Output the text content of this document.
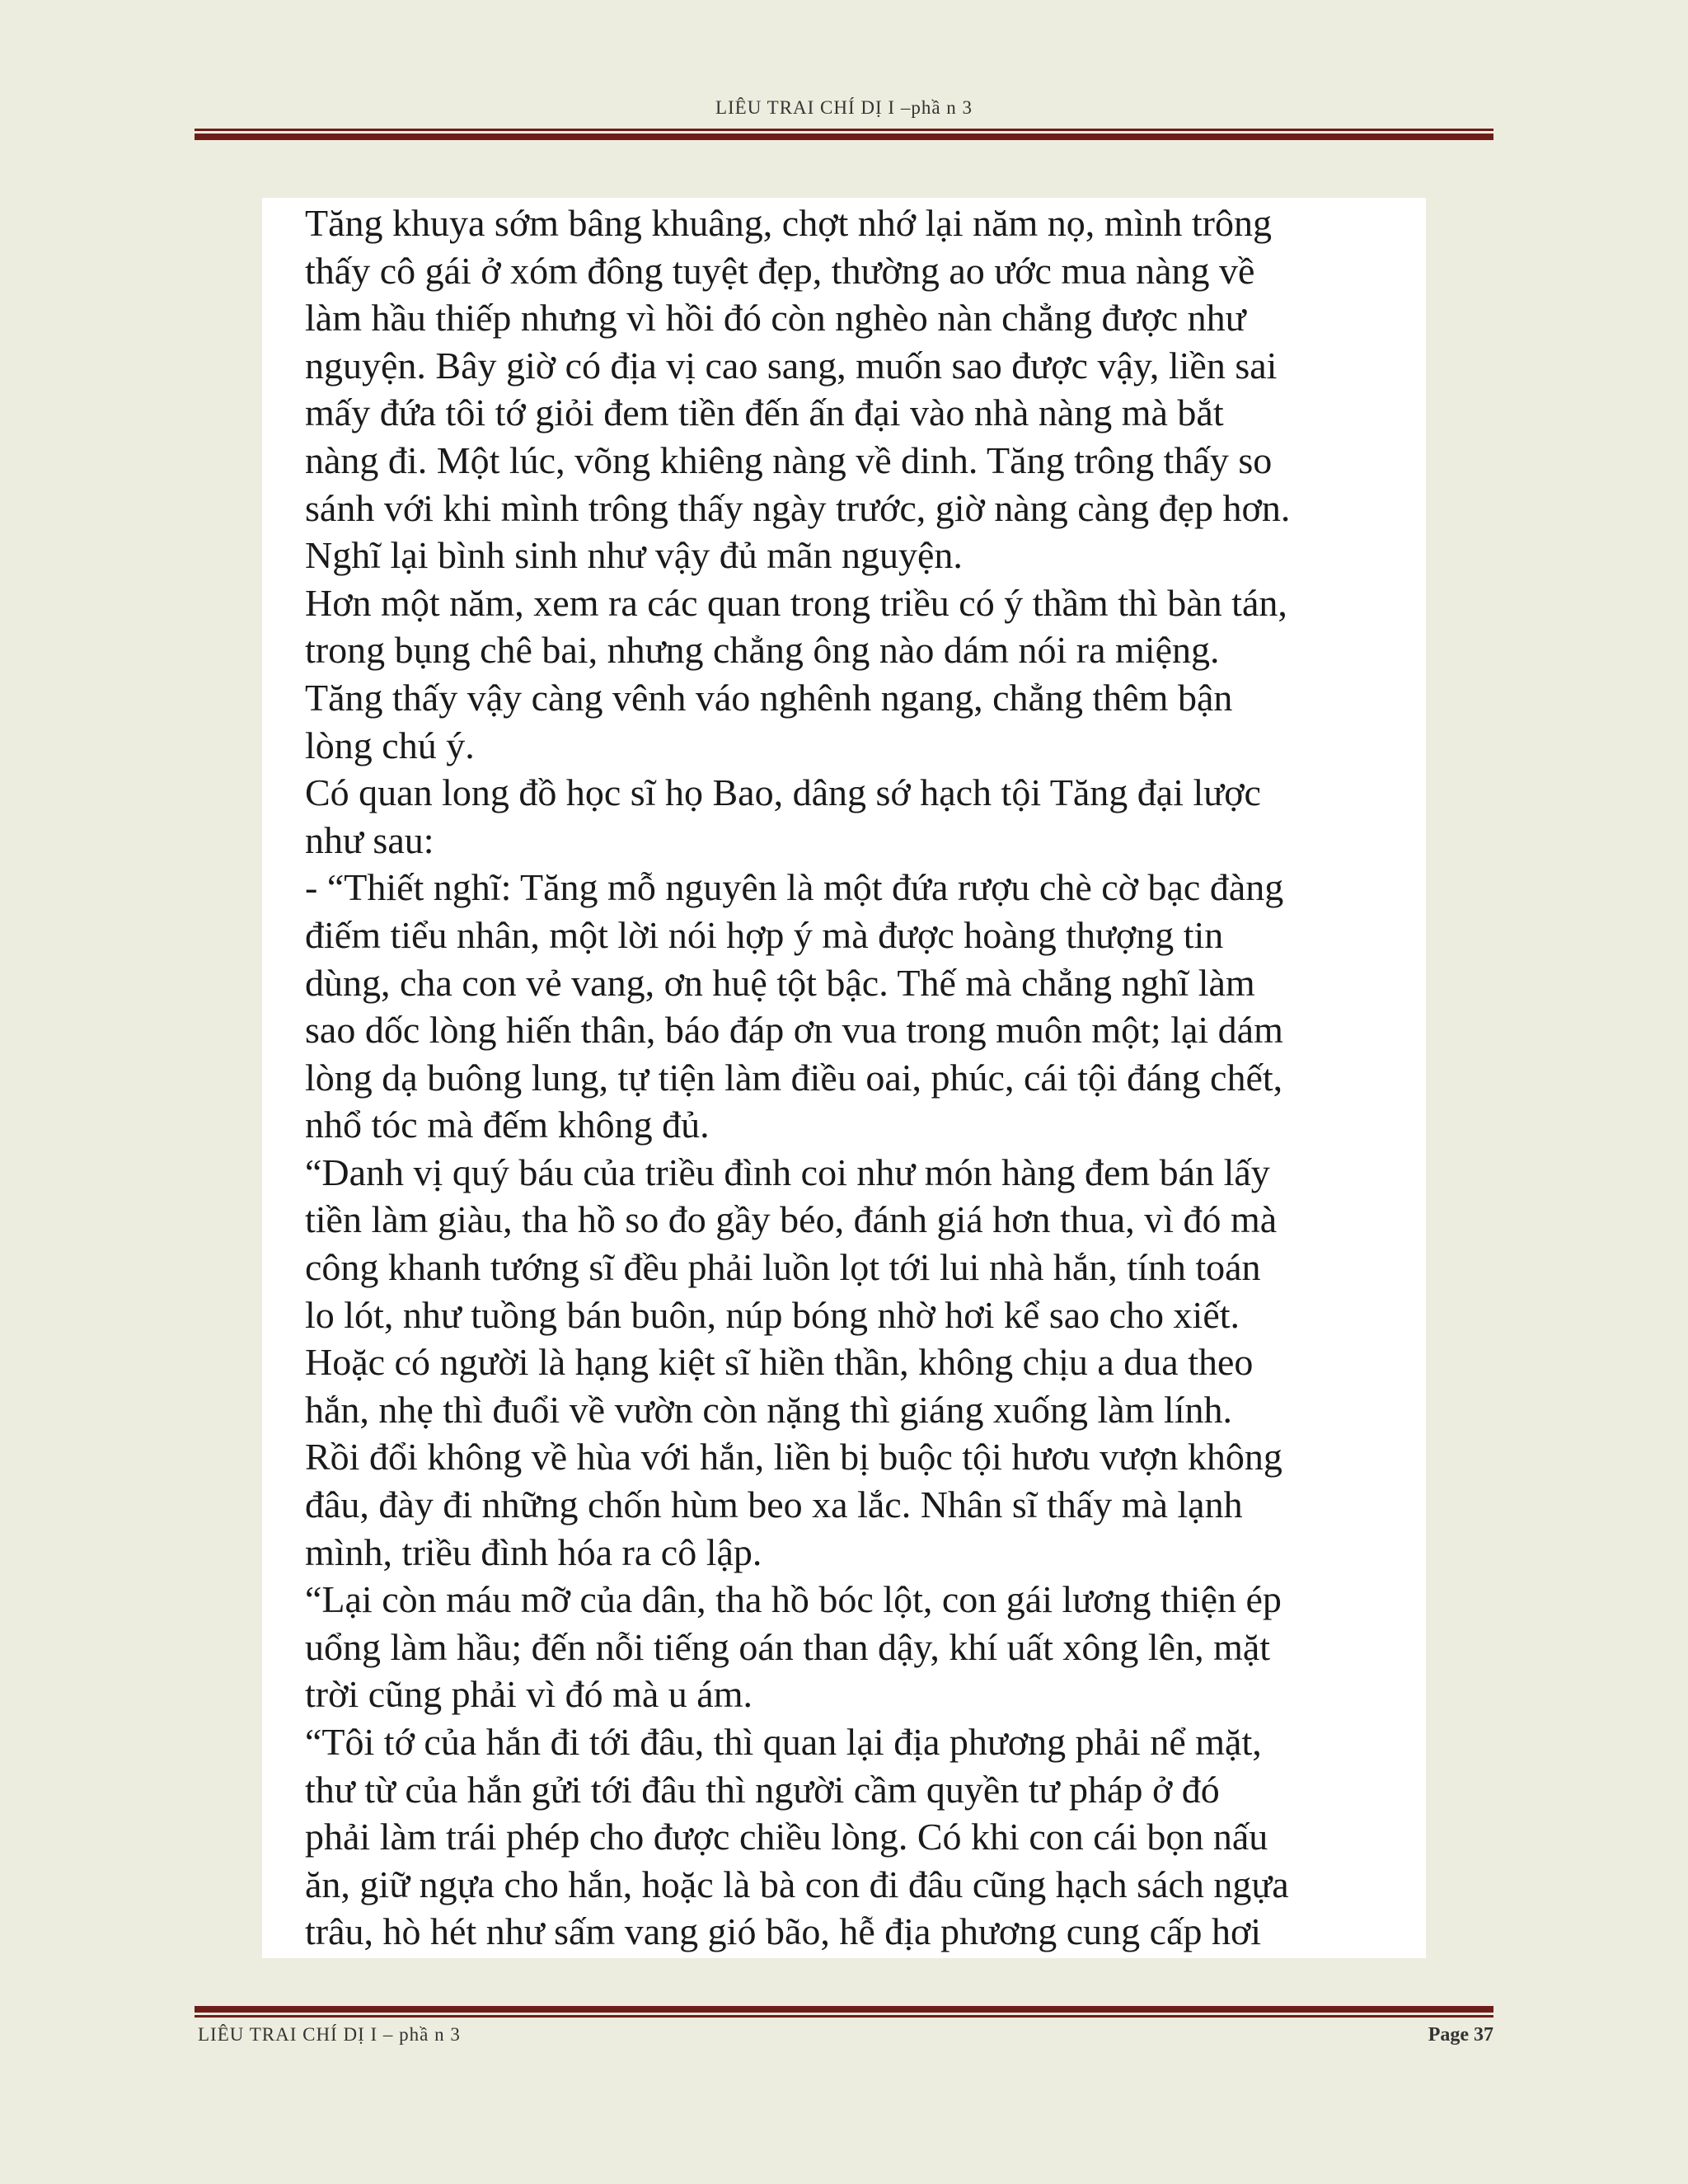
LIÊU TRAI CHÍ DỊ I –phầ n 3
Tăng khuya sớm bâng khuâng, chợt nhớ lại năm nọ, mình trông
thấy cô gái ở xóm đông tuyệt đẹp, thường ao ước mua nàng về
làm hầu thiếp nhưng vì hồi đó còn nghèo nàn chẳng được như
nguyện. Bây giờ có địa vị cao sang, muốn sao được vậy, liền sai
mấy đứa tôi tớ giỏi đem tiền đến ấn đại vào nhà nàng mà bắt
nàng đi. Một lúc, võng khiêng nàng về dinh. Tăng trông thấy so
sánh với khi mình trông thấy ngày trước, giờ nàng càng đẹp hơn.
Nghĩ lại bình sinh như vậy đủ mãn nguyện.
Hơn một năm, xem ra các quan trong triều có ý thầm thì bàn tán,
trong bụng chê bai, nhưng chẳng ông nào dám nói ra miệng.
Tăng thấy vậy càng vênh váo nghênh ngang, chẳng thêm bận
lòng chú ý.
Có quan long đồ học sĩ họ Bao, dâng sớ hạch tội Tăng đại lược
như sau:
- “Thiết nghĩ: Tăng mỗ nguyên là một đứa rượu chè cờ bạc đàng
điếm tiểu nhân, một lời nói hợp ý mà được hoàng thượng tin
dùng, cha con vẻ vang, ơn huệ tột bậc. Thế mà chẳng nghĩ làm
sao dốc lòng hiến thân, báo đáp ơn vua trong muôn một; lại dám
lòng dạ buông lung, tự tiện làm điều oai, phúc, cái tội đáng chết,
nhổ tóc mà đếm không đủ.
“Danh vị quý báu của triều đình coi như món hàng đem bán lấy
tiền làm giàu, tha hồ so đo gầy béo, đánh giá hơn thua, vì đó mà
công khanh tướng sĩ đều phải luồn lọt tới lui nhà hắn, tính toán
lo lót, như tuồng bán buôn, núp bóng nhờ hơi kể sao cho xiết.
Hoặc có người là hạng kiệt sĩ hiền thần, không chịu a dua theo
hắn, nhẹ thì đuổi về vườn còn nặng thì giáng xuống làm lính.
Rồi đổi không về hùa với hắn, liền bị buộc tội hươu vượn không
đâu, đày đi những chốn hùm beo xa lắc. Nhân sĩ thấy mà lạnh
mình, triều đình hóa ra cô lập.
“Lại còn máu mỡ của dân, tha hồ bóc lột, con gái lương thiện ép
uổng làm hầu; đến nỗi tiếng oán than dậy, khí uất xông lên, mặt
trời cũng phải vì đó mà u ám.
“Tôi tớ của hắn đi tới đâu, thì quan lại địa phương phải nể mặt,
thư từ của hắn gửi tới đâu thì người cầm quyền tư pháp ở đó
phải làm trái phép cho được chiều lòng. Có khi con cái bọn nấu
ăn, giữ ngựa cho hắn, hoặc là bà con đi đâu cũng hạch sách ngựa
trâu, hò hét như sấm vang gió bão, hễ địa phương cung cấp hơi
LIÊU TRAI CHÍ DỊ I – phầ n 3	Page 37
